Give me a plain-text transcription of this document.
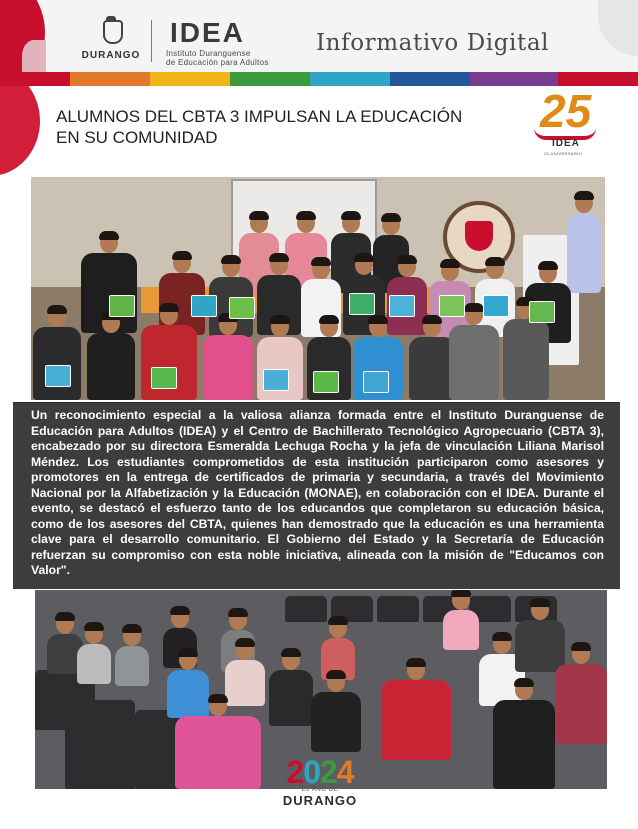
DURANGO
IDEA
Instituto Duranguense
de Educación para Adultos
Informativo Digital
ALUMNOS DEL CBTA 3 IMPULSAN LA EDUCACIÓN
EN SU COMUNIDAD
25
IDEA
25 ANIVERSARIO

Un reconocimiento especial a la valiosa alianza formada entre el Instituto Duranguense de Educación para Adultos (IDEA) y el Centro de Bachillerato Tecnológico Agropecuario (CBTA 3), encabezado por su directora Esmeralda Lechuga Rocha y la jefa de vinculación Liliana Marisol Méndez. Los estudiantes comprometidos de esta institución participaron como asesores y promotores en la entrega de certificados de primaria y secundaria, a través del Movimiento Nacional por la Alfabetización y la Educación (MONAE), en colaboración con el IDEA. Durante el evento, se destacó el esfuerzo tanto de los educandos que completaron su educación básica, como de los asesores del CBTA, quienes han demostrado que la educación es una herramienta clave para el desarrollo comunitario. El Gobierno del Estado y la Secretaría de Educación refuerzan su compromiso con esta noble iniciativa, alineada con la misión de "Educamos con Valor".

2024
EL AÑO DE
DURANGO
